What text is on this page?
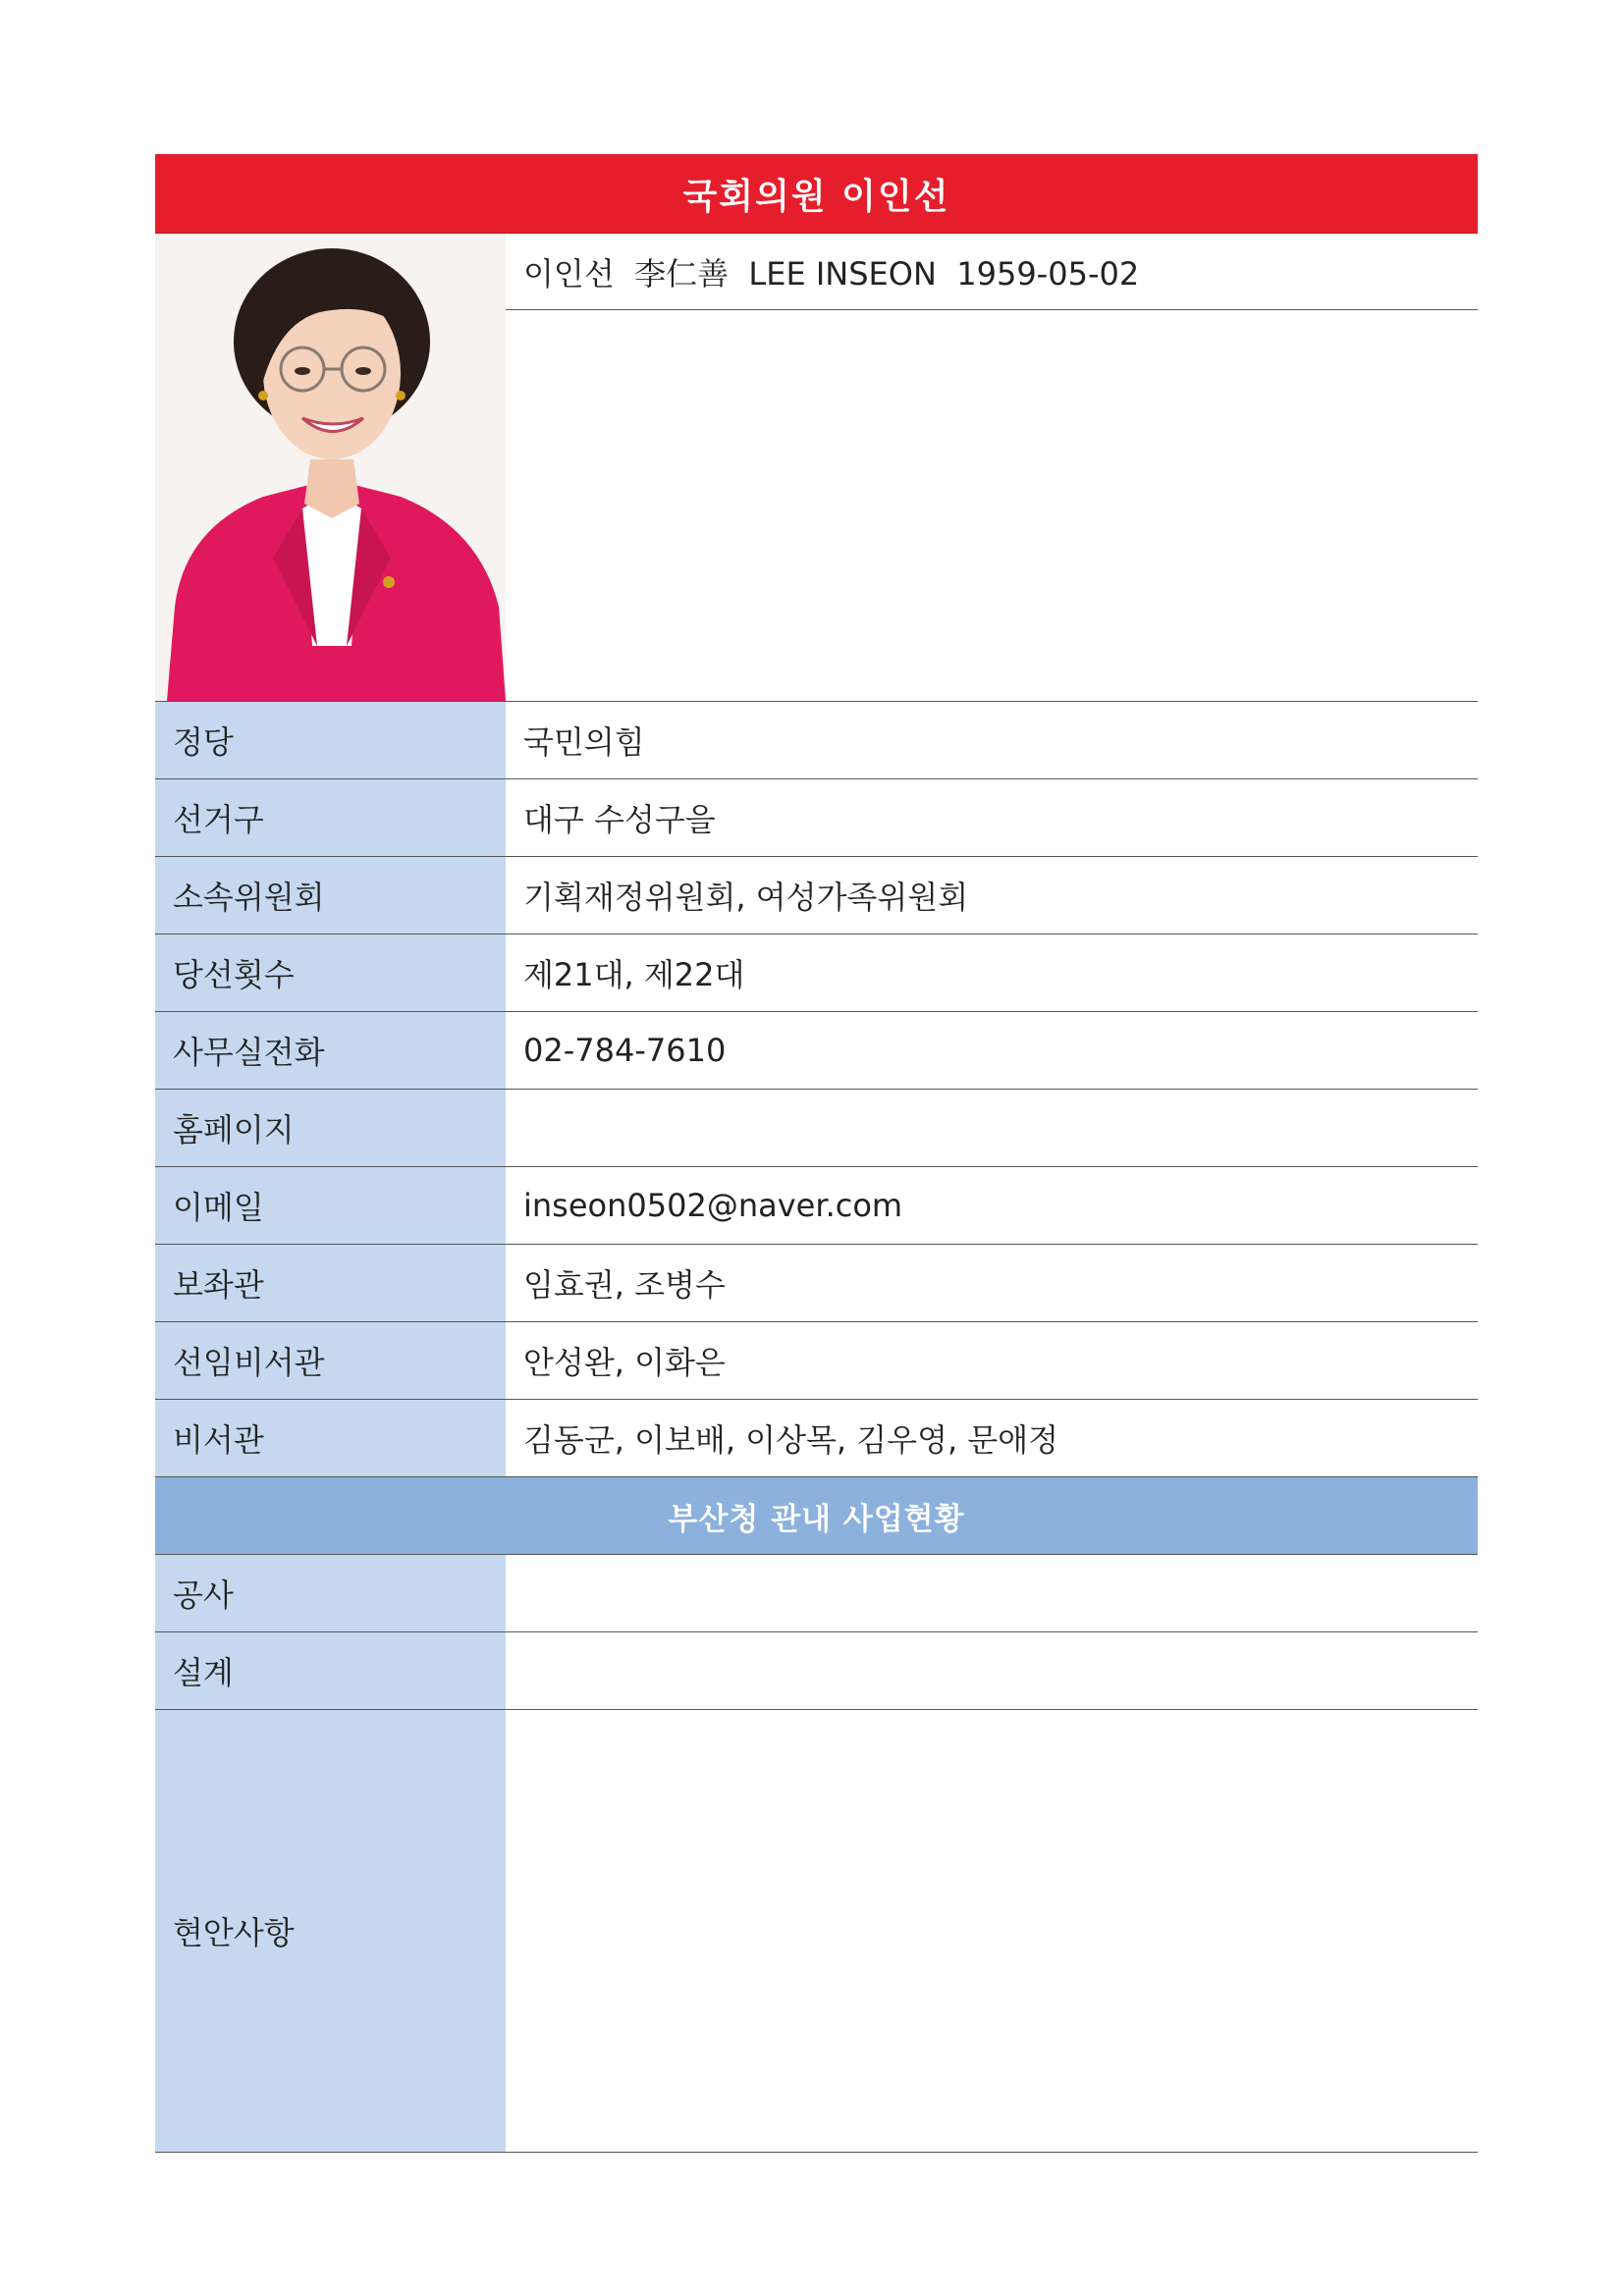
국회의원 이인선
이인선  李仁善  LEE INSEON  1959-05-02
정당	국민의힘
선거구	대구 수성구을
소속위원회	기획재정위원회, 여성가족위원회
당선횟수	제21대, 제22대
사무실전화	02-784-7610
홈페이지
이메일	inseon0502@naver.com
보좌관	임효권, 조병수
선임비서관	안성완, 이화은
비서관	김동군, 이보배, 이상목, 김우영, 문애정
부산청 관내 사업현황
공사
설계
현안사항
